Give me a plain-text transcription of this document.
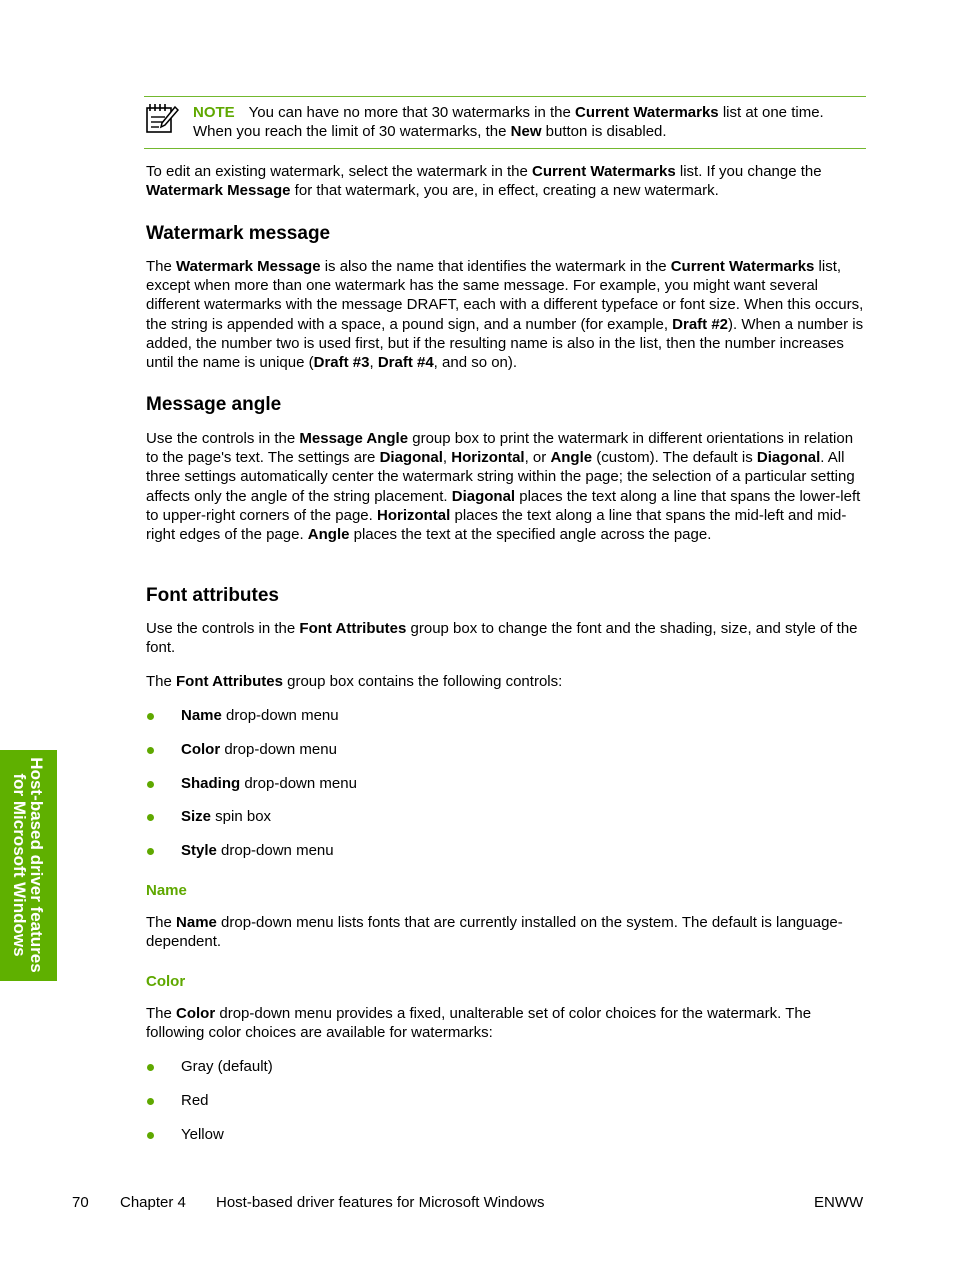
NOTE You can have no more that 30 watermarks in the Current Watermarks list at one time. When you reach the limit of 30 watermarks, the New button is disabled.

To edit an existing watermark, select the watermark in the Current Watermarks list. If you change the Watermark Message for that watermark, you are, in effect, creating a new watermark.

Watermark message

The Watermark Message is also the name that identifies the watermark in the Current Watermarks list, except when more than one watermark has the same message. For example, you might want several different watermarks with the message DRAFT, each with a different typeface or font size. When this occurs, the string is appended with a space, a pound sign, and a number (for example, Draft #2). When a number is added, the number two is used first, but if the resulting name is also in the list, then the number increases until the name is unique (Draft #3, Draft #4, and so on).

Message angle

Use the controls in the Message Angle group box to print the watermark in different orientations in relation to the page's text. The settings are Diagonal, Horizontal, or Angle (custom). The default is Diagonal. All three settings automatically center the watermark string within the page; the selection of a particular setting affects only the angle of the string placement. Diagonal places the text along a line that spans the lower-left to upper-right corners of the page. Horizontal places the text along a line that spans the mid-left and mid-right edges of the page. Angle places the text at the specified angle across the page.

Font attributes

Use the controls in the Font Attributes group box to change the font and the shading, size, and style of the font.

The Font Attributes group box contains the following controls:

Name drop-down menu
Color drop-down menu
Shading drop-down menu
Size spin box
Style drop-down menu
Name

The Name drop-down menu lists fonts that are currently installed on the system. The default is language-dependent.

Color

The Color drop-down menu provides a fixed, unalterable set of color choices for the watermark. The following color choices are available for watermarks:

Gray (default)
Red
Yellow
Host-based driver features for Microsoft Windows
70 Chapter 4 Host-based driver features for Microsoft Windows	ENWW
